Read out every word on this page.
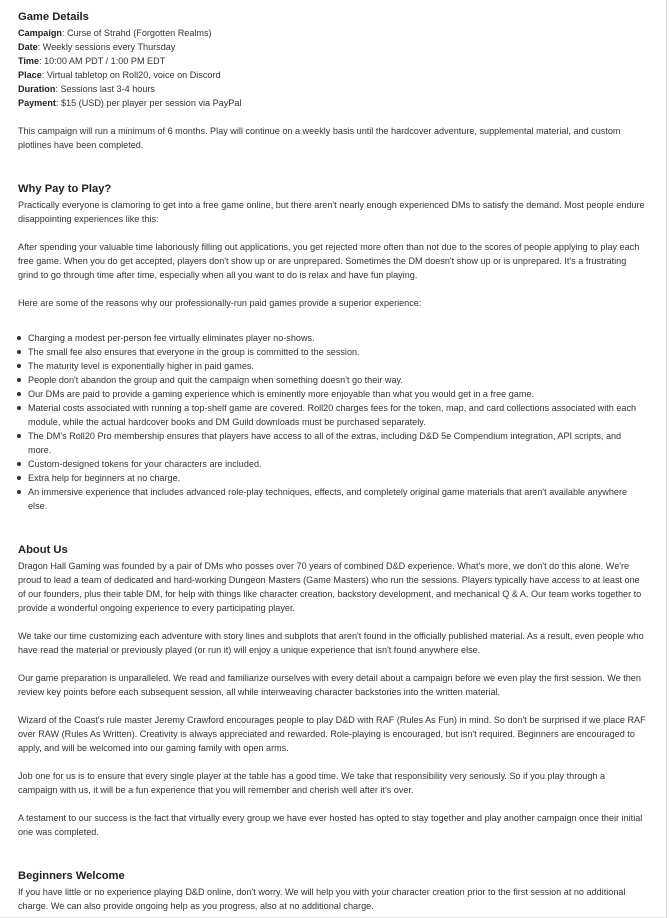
Game Details

Campaign: Curse of Strahd (Forgotten Realms)

Date: Weekly sessions every Thursday

Time: 10:00 AM PDT / 1:00 PM EDT

Place: Virtual tabletop on Roll20, voice on Discord

Duration: Sessions last 3-4 hours

Payment: $15 (USD) per player per session via PayPal

This campaign will run a minimum of 6 months. Play will continue on a weekly basis until the hardcover adventure, supplemental material, and custom plotlines have been completed.

Why Pay to Play?

Practically everyone is clamoring to get into a free game online, but there aren't nearly enough experienced DMs to satisfy the demand. Most people endure disappointing experiences like this:

After spending your valuable time laboriously filling out applications, you get rejected more often than not due to the scores of people applying to play each free game. When you do get accepted, players don't show up or are unprepared. Sometimes the DM doesn't show up or is unprepared. It's a frustrating grind to go through time after time, especially when all you want to do is relax and have fun playing.

Here are some of the reasons why our professionally-run paid games provide a superior experience:

Charging a modest per-person fee virtually eliminates player no-shows.
The small fee also ensures that everyone in the group is committed to the session.
The maturity level is exponentially higher in paid games.
People don't abandon the group and quit the campaign when something doesn't go their way.
Our DMs are paid to provide a gaming experience which is eminently more enjoyable than what you would get in a free game.
Material costs associated with running a top-shelf game are covered. Roll20 charges fees for the token, map, and card collections associated with each module, while the actual hardcover books and DM Guild downloads must be purchased separately.
The DM's Roll20 Pro membership ensures that players have access to all of the extras, including D&D 5e Compendium integration, API scripts, and more.
Custom-designed tokens for your characters are included.
Extra help for beginners at no charge.
An immersive experience that includes advanced role-play techniques, effects, and completely original game materials that aren't available anywhere else.
About Us

Dragon Hall Gaming was founded by a pair of DMs who posses over 70 years of combined D&D experience. What's more, we don't do this alone. We're proud to lead a team of dedicated and hard-working Dungeon Masters (Game Masters) who run the sessions. Players typically have access to at least one of our founders, plus their table DM, for help with things like character creation, backstory development, and mechanical Q & A. Our team works together to provide a wonderful ongoing experience to every participating player.

We take our time customizing each adventure with story lines and subplots that aren't found in the officially published material. As a result, even people who have read the material or previously played (or run it) will enjoy a unique experience that isn't found anywhere else.

Our game preparation is unparalleled. We read and familiarize ourselves with every detail about a campaign before we even play the first session. We then review key points before each subsequent session, all while interweaving character backstories into the written material.

Wizard of the Coast's rule master Jeremy Crawford encourages people to play D&D with RAF (Rules As Fun) in mind. So don't be surprised if we place RAF over RAW (Rules As Written). Creativity is always appreciated and rewarded. Role-playing is encouraged, but isn't required. Beginners are encouraged to apply, and will be welcomed into our gaming family with open arms.

Job one for us is to ensure that every single player at the table has a good time. We take that responsibility very seriously. So if you play through a campaign with us, it will be a fun experience that you will remember and cherish well after it's over.

A testament to our success is the fact that virtually every group we have ever hosted has opted to stay together and play another campaign once their initial one was completed.

Beginners Welcome

If you have little or no experience playing D&D online, don't worry. We will help you with your character creation prior to the first session at no additional charge. We can also provide ongoing help as you progress, also at no additional charge.
